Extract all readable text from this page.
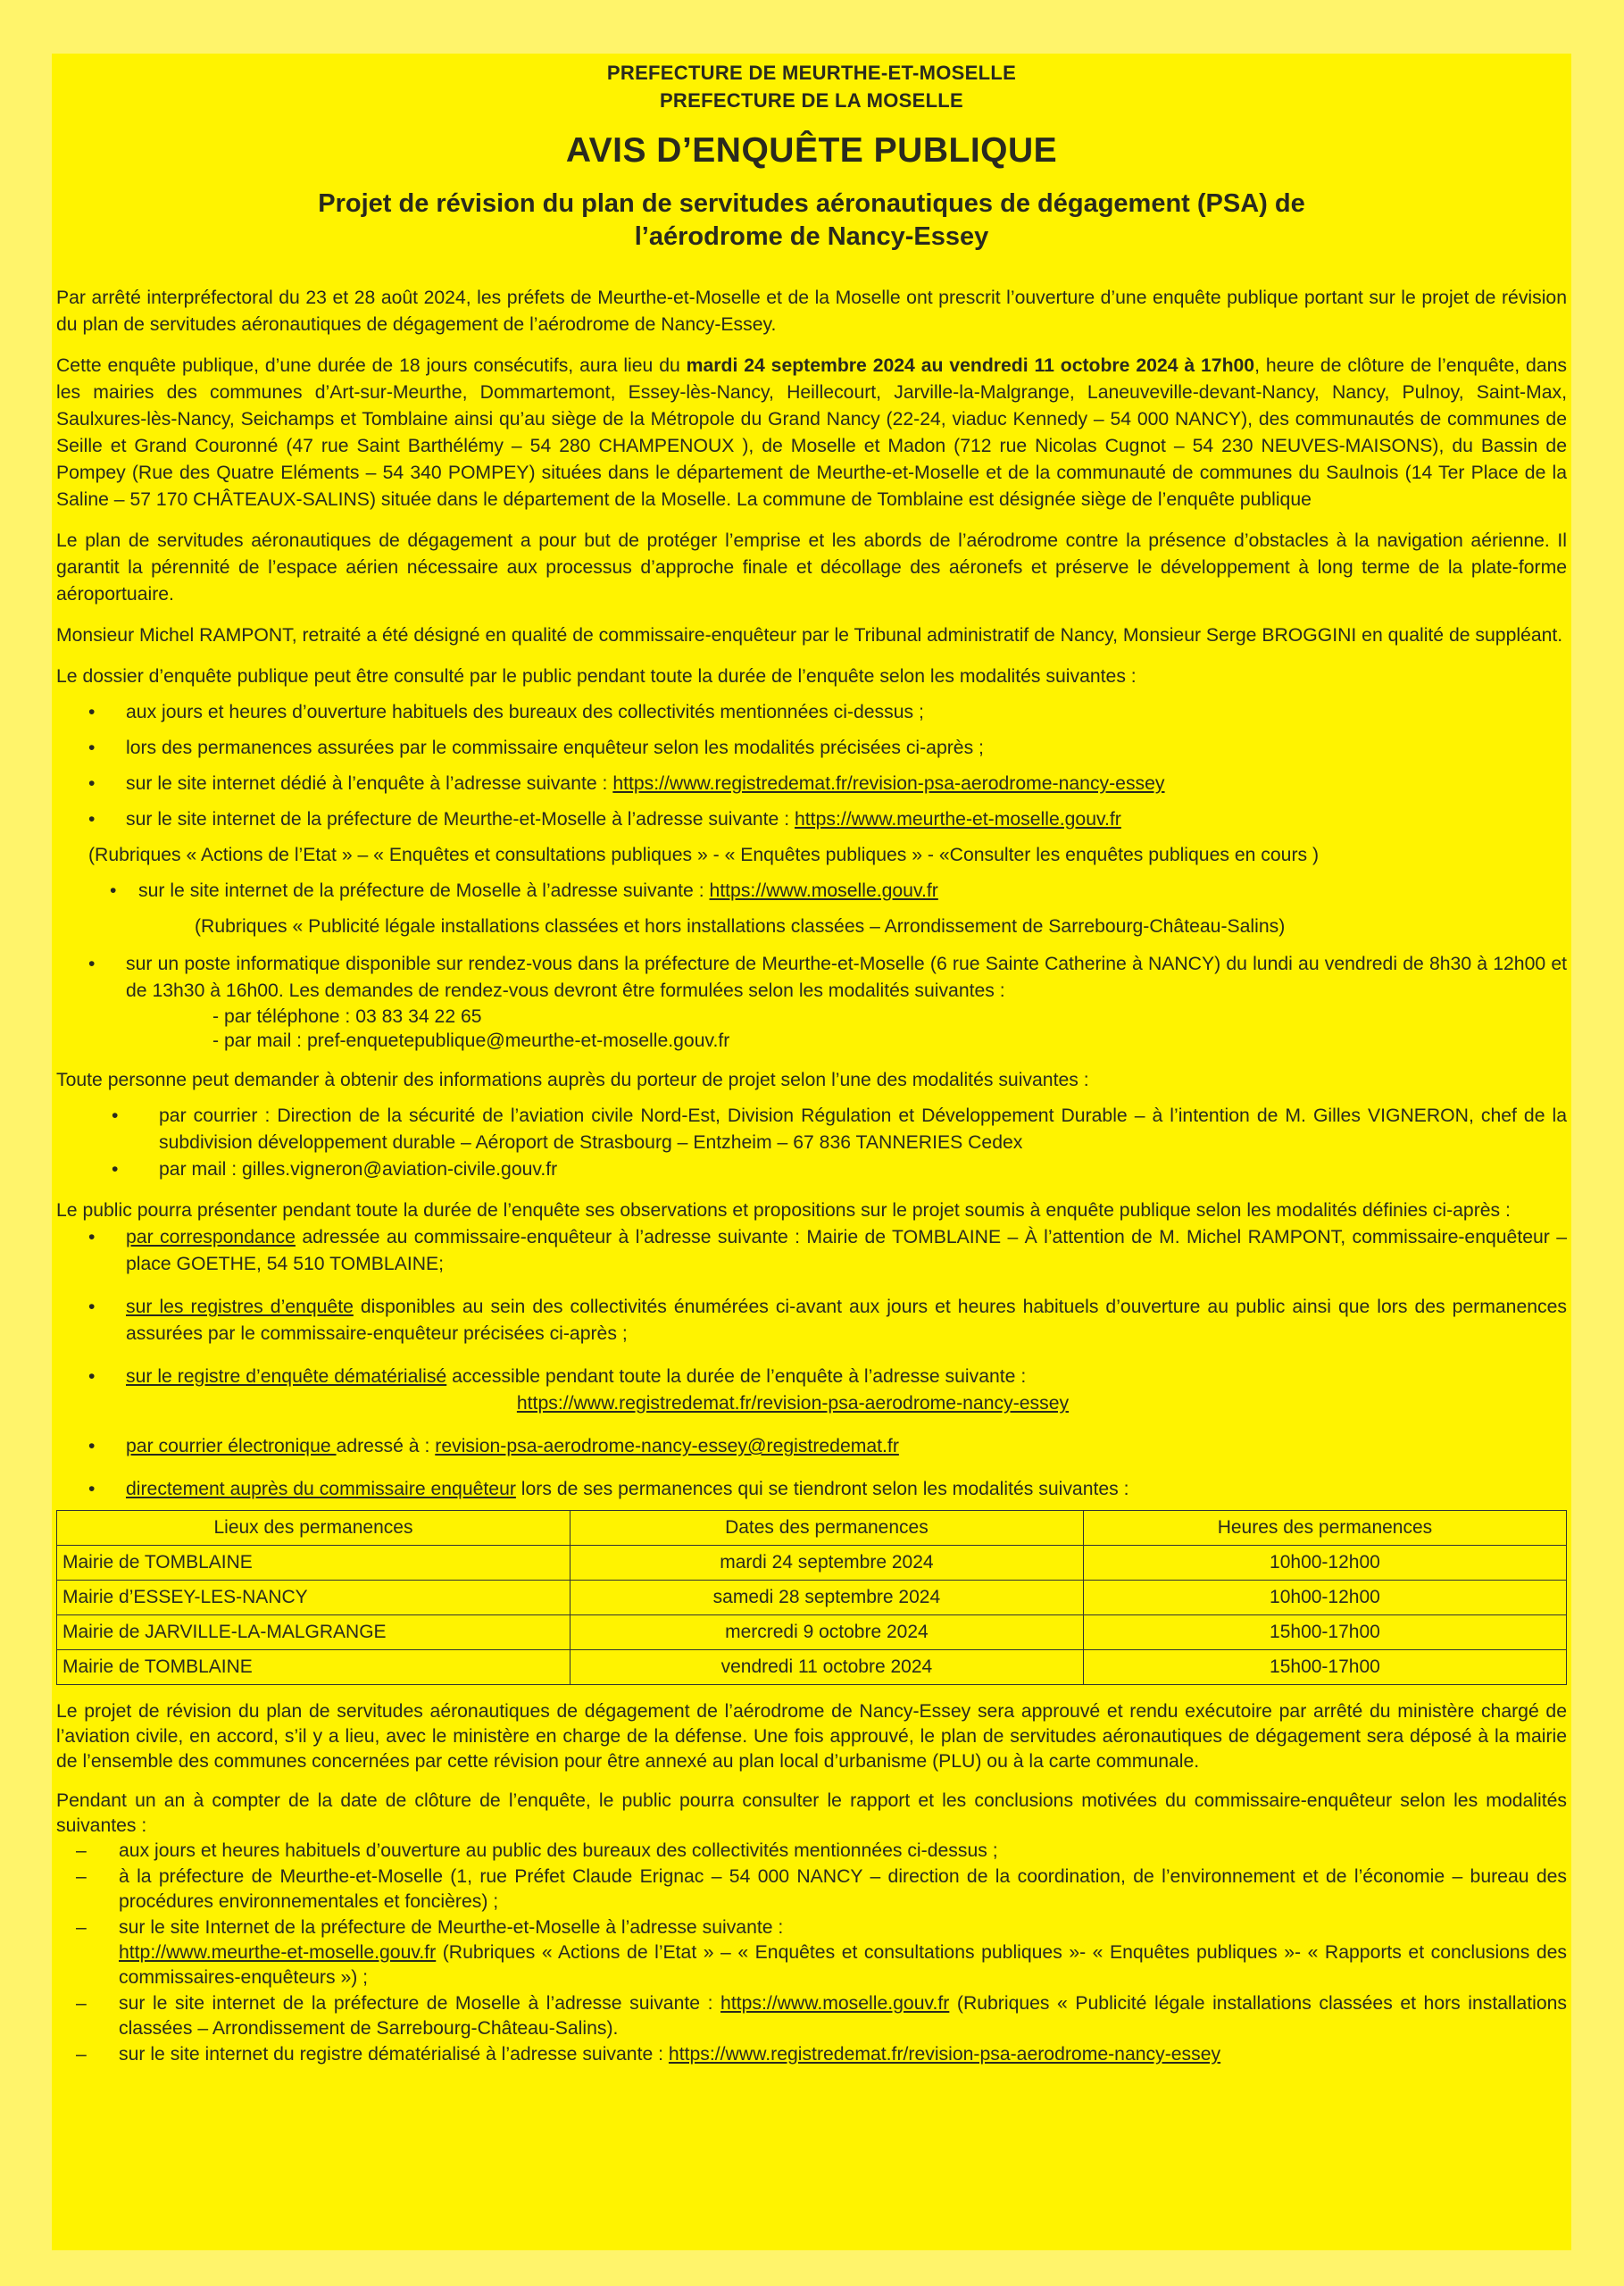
PREFECTURE DE MEURTHE-ET-MOSELLE
PREFECTURE DE LA MOSELLE
AVIS D’ENQUÊTE PUBLIQUE
Projet de révision du plan de servitudes aéronautiques de dégagement (PSA) de
l’aérodrome de Nancy-Essey

Par arrêté interpréfectoral du 23 et 28 août 2024, les préfets de Meurthe-et-Moselle et de la Moselle ont prescrit l’ouverture d’une enquête publique portant sur le projet de révision du plan de servitudes aéronautiques de dégagement de l’aérodrome de Nancy-Essey.

Cette enquête publique, d’une durée de 18 jours consécutifs, aura lieu du mardi 24 septembre 2024 au vendredi 11 octobre 2024 à 17h00, heure de clôture de l’enquête, dans les mairies des communes d’Art-sur-Meurthe, Dommartemont, Essey-lès-Nancy, Heillecourt, Jarville-la-Malgrange, Laneuveville-devant-Nancy, Nancy, Pulnoy, Saint-Max, Saulxures-lès-Nancy, Seichamps et Tomblaine ainsi qu’au siège de la Métropole du Grand Nancy (22-24, viaduc Kennedy – 54 000 NANCY), des communautés de communes de Seille et Grand Couronné (47 rue Saint Barthélémy – 54 280 CHAMPENOUX ), de Moselle et Madon (712 rue Nicolas Cugnot – 54 230 NEUVES-MAISONS), du Bassin de Pompey (Rue des Quatre Eléments – 54 340 POMPEY) situées dans le département de Meurthe-et-Moselle et de la communauté de communes du Saulnois (14 Ter Place de la Saline – 57 170 CHÂTEAUX-SALINS) située dans le département de la Moselle. La commune de Tomblaine est désignée siège de l’enquête publique

Le plan de servitudes aéronautiques de dégagement a pour but de protéger l’emprise et les abords de l’aérodrome contre la présence d’obstacles à la navigation aérienne. Il garantit la pérennité de l’espace aérien nécessaire aux processus d’approche finale et décollage des aéronefs et préserve le développement à long terme de la plate-forme aéroportuaire.

Monsieur Michel RAMPONT, retraité a été désigné en qualité de commissaire-enquêteur par le Tribunal administratif de Nancy, Monsieur Serge BROGGINI en qualité de suppléant.

Le dossier d’enquête publique peut être consulté par le public pendant toute la durée de l’enquête selon les modalités suivantes :

• aux jours et heures d’ouverture habituels des bureaux des collectivités mentionnées ci-dessus ;
• lors des permanences assurées par le commissaire enquêteur selon les modalités précisées ci-après ;
• sur le site internet dédié à l’enquête à l’adresse suivante : https://www.registredemat.fr/revision-psa-aerodrome-nancy-essey
• sur le site internet de la préfecture de Meurthe-et-Moselle à l’adresse suivante : https://www.meurthe-et-moselle.gouv.fr
(Rubriques « Actions de l’Etat » – « Enquêtes et consultations publiques » - « Enquêtes publiques » - «Consulter les enquêtes publiques en cours )
• sur le site internet de la préfecture de Moselle à l’adresse suivante : https://www.moselle.gouv.fr
(Rubriques « Publicité légale installations classées et hors installations classées – Arrondissement de Sarrebourg-Château-Salins)
• sur un poste informatique disponible sur rendez-vous dans la préfecture de Meurthe-et-Moselle (6 rue Sainte Catherine à NANCY) du lundi au vendredi de 8h30 à 12h00 et de 13h30 à 16h00. Les demandes de rendez-vous devront être formulées selon les modalités suivantes :
- par téléphone : 03 83 34 22 65
- par mail : pref-enquetepublique@meurthe-et-moselle.gouv.fr

Toute personne peut demander à obtenir des informations auprès du porteur de projet selon l’une des modalités suivantes :

• par courrier : Direction de la sécurité de l’aviation civile Nord-Est, Division Régulation et Développement Durable – à l’intention de M. Gilles VIGNERON, chef de la subdivision développement durable – Aéroport de Strasbourg – Entzheim – 67 836 TANNERIES Cedex
• par mail : gilles.vigneron@aviation-civile.gouv.fr

Le public pourra présenter pendant toute la durée de l’enquête ses observations et propositions sur le projet soumis à enquête publique selon les modalités définies ci-après :

• par correspondance adressée au commissaire-enquêteur à l’adresse suivante : Mairie de TOMBLAINE – À l’attention de M. Michel RAMPONT, commissaire-enquêteur – place GOETHE, 54 510 TOMBLAINE;
• sur les registres d’enquête disponibles au sein des collectivités énumérées ci-avant aux jours et heures habituels d’ouverture au public ainsi que lors des permanences assurées par le commissaire-enquêteur précisées ci-après ;
• sur le registre d’enquête dématérialisé accessible pendant toute la durée de l’enquête à l’adresse suivante :

https://www.registredemat.fr/revision-psa-aerodrome-nancy-essey
• par courrier électronique adressé à : revision-psa-aerodrome-nancy-essey@registredemat.fr
• directement auprès du commissaire enquêteur lors de ses permanences qui se tiendront selon les modalités suivantes :
Lieux des permanences	Dates des permanences	Heures des permanences
Mairie de TOMBLAINE	mardi 24 septembre 2024	10h00-12h00
Mairie d’ESSEY-LES-NANCY	samedi 28 septembre 2024	10h00-12h00
Mairie de JARVILLE-LA-MALGRANGE	mercredi 9 octobre 2024	15h00-17h00
Mairie de TOMBLAINE	vendredi 11 octobre 2024	15h00-17h00

Le projet de révision du plan de servitudes aéronautiques de dégagement de l’aérodrome de Nancy-Essey sera approuvé et rendu exécutoire par arrêté du ministère chargé de l’aviation civile, en accord, s’il y a lieu, avec le ministère en charge de la défense. Une fois approuvé, le plan de servitudes aéronautiques de dégagement sera déposé à la mairie de l’ensemble des communes concernées par cette révision pour être annexé au plan local d’urbanisme (PLU) ou à la carte communale.

Pendant un an à compter de la date de clôture de l’enquête, le public pourra consulter le rapport et les conclusions motivées du commissaire-enquêteur selon les modalités suivantes :

– aux jours et heures habituels d’ouverture au public des bureaux des collectivités mentionnées ci-dessus ;
– à la préfecture de Meurthe-et-Moselle (1, rue Préfet Claude Erignac – 54 000 NANCY – direction de la coordination, de l’environnement et de l’économie – bureau des procédures environnementales et foncières) ;
– sur le site Internet de la préfecture de Meurthe-et-Moselle à l’adresse suivante :
http://www.meurthe-et-moselle.gouv.fr (Rubriques « Actions de l’Etat » – « Enquêtes et consultations publiques »- « Enquêtes publiques »- « Rapports et conclusions des commissaires-enquêteurs ») ;
– sur le site internet de la préfecture de Moselle à l’adresse suivante : https://www.moselle.gouv.fr (Rubriques « Publicité légale installations classées et hors installations classées – Arrondissement de Sarrebourg-Château-Salins).
– sur le site internet du registre dématérialisé à l’adresse suivante : https://www.registredemat.fr/revision-psa-aerodrome-nancy-essey
